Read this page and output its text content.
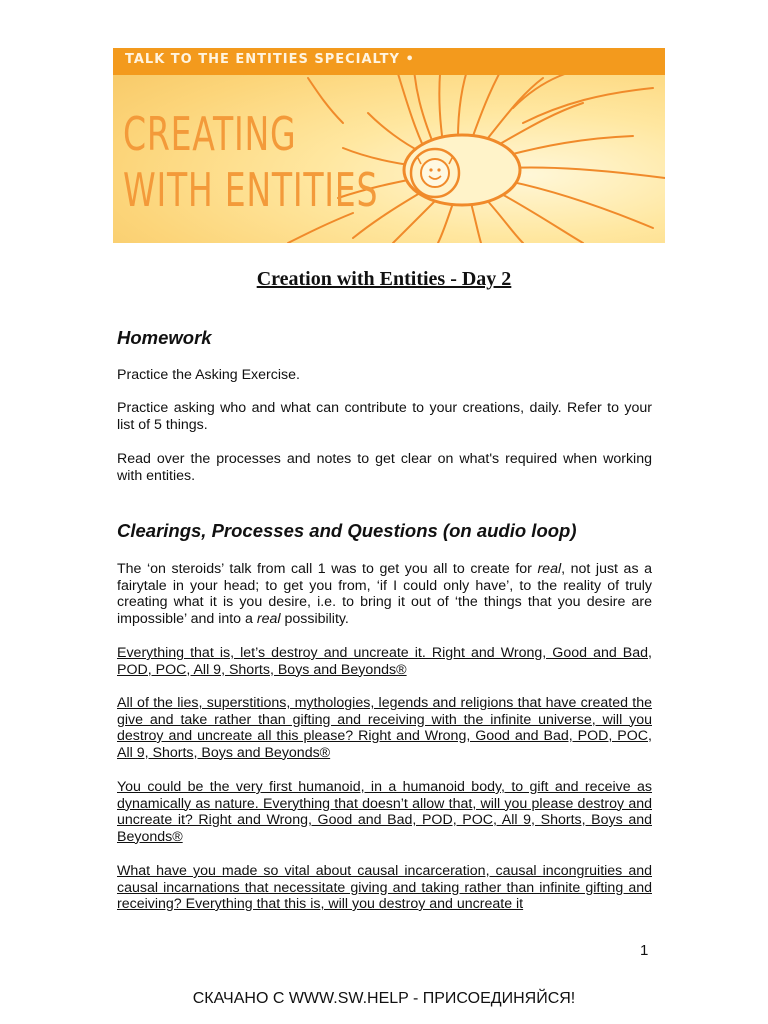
TALK TO THE ENTITIES SPECIALTY •
CREATING
WITH ENTITIES
Creation with Entities - Day 2
Homework
Practice the Asking Exercise.
Practice asking who and what can contribute to your creations, daily. Refer to your list of 5 things.
Read over the processes and notes to get clear on what's required when working with entities.
Clearings, Processes and Questions (on audio loop)
The ‘on steroids’ talk from call 1 was to get you all to create for real, not just as a fairytale in your head; to get you from, ‘if I could only have’, to the reality of truly creating what it is you desire, i.e. to bring it out of ‘the things that you desire are impossible’ and into a real possibility.
Everything that is, let’s destroy and uncreate it. Right and Wrong, Good and Bad, POD, POC, All 9, Shorts, Boys and Beyonds®
All of the lies, superstitions, mythologies, legends and religions that have created the give and take rather than gifting and receiving with the infinite universe, will you destroy and uncreate all this please? Right and Wrong, Good and Bad, POD, POC, All 9, Shorts, Boys and Beyonds®
You could be the very first humanoid, in a humanoid body, to gift and receive as dynamically as nature. Everything that doesn’t allow that, will you please destroy and uncreate it? Right and Wrong, Good and Bad, POD, POC, All 9, Shorts, Boys and Beyonds®
What have you made so vital about causal incarceration, causal incongruities and causal incarnations that necessitate giving and taking rather than infinite gifting and receiving? Everything that this is, will you destroy and uncreate it
1
СКАЧАНО С WWW.SW.HELP - ПРИСОЕДИНЯЙСЯ!
